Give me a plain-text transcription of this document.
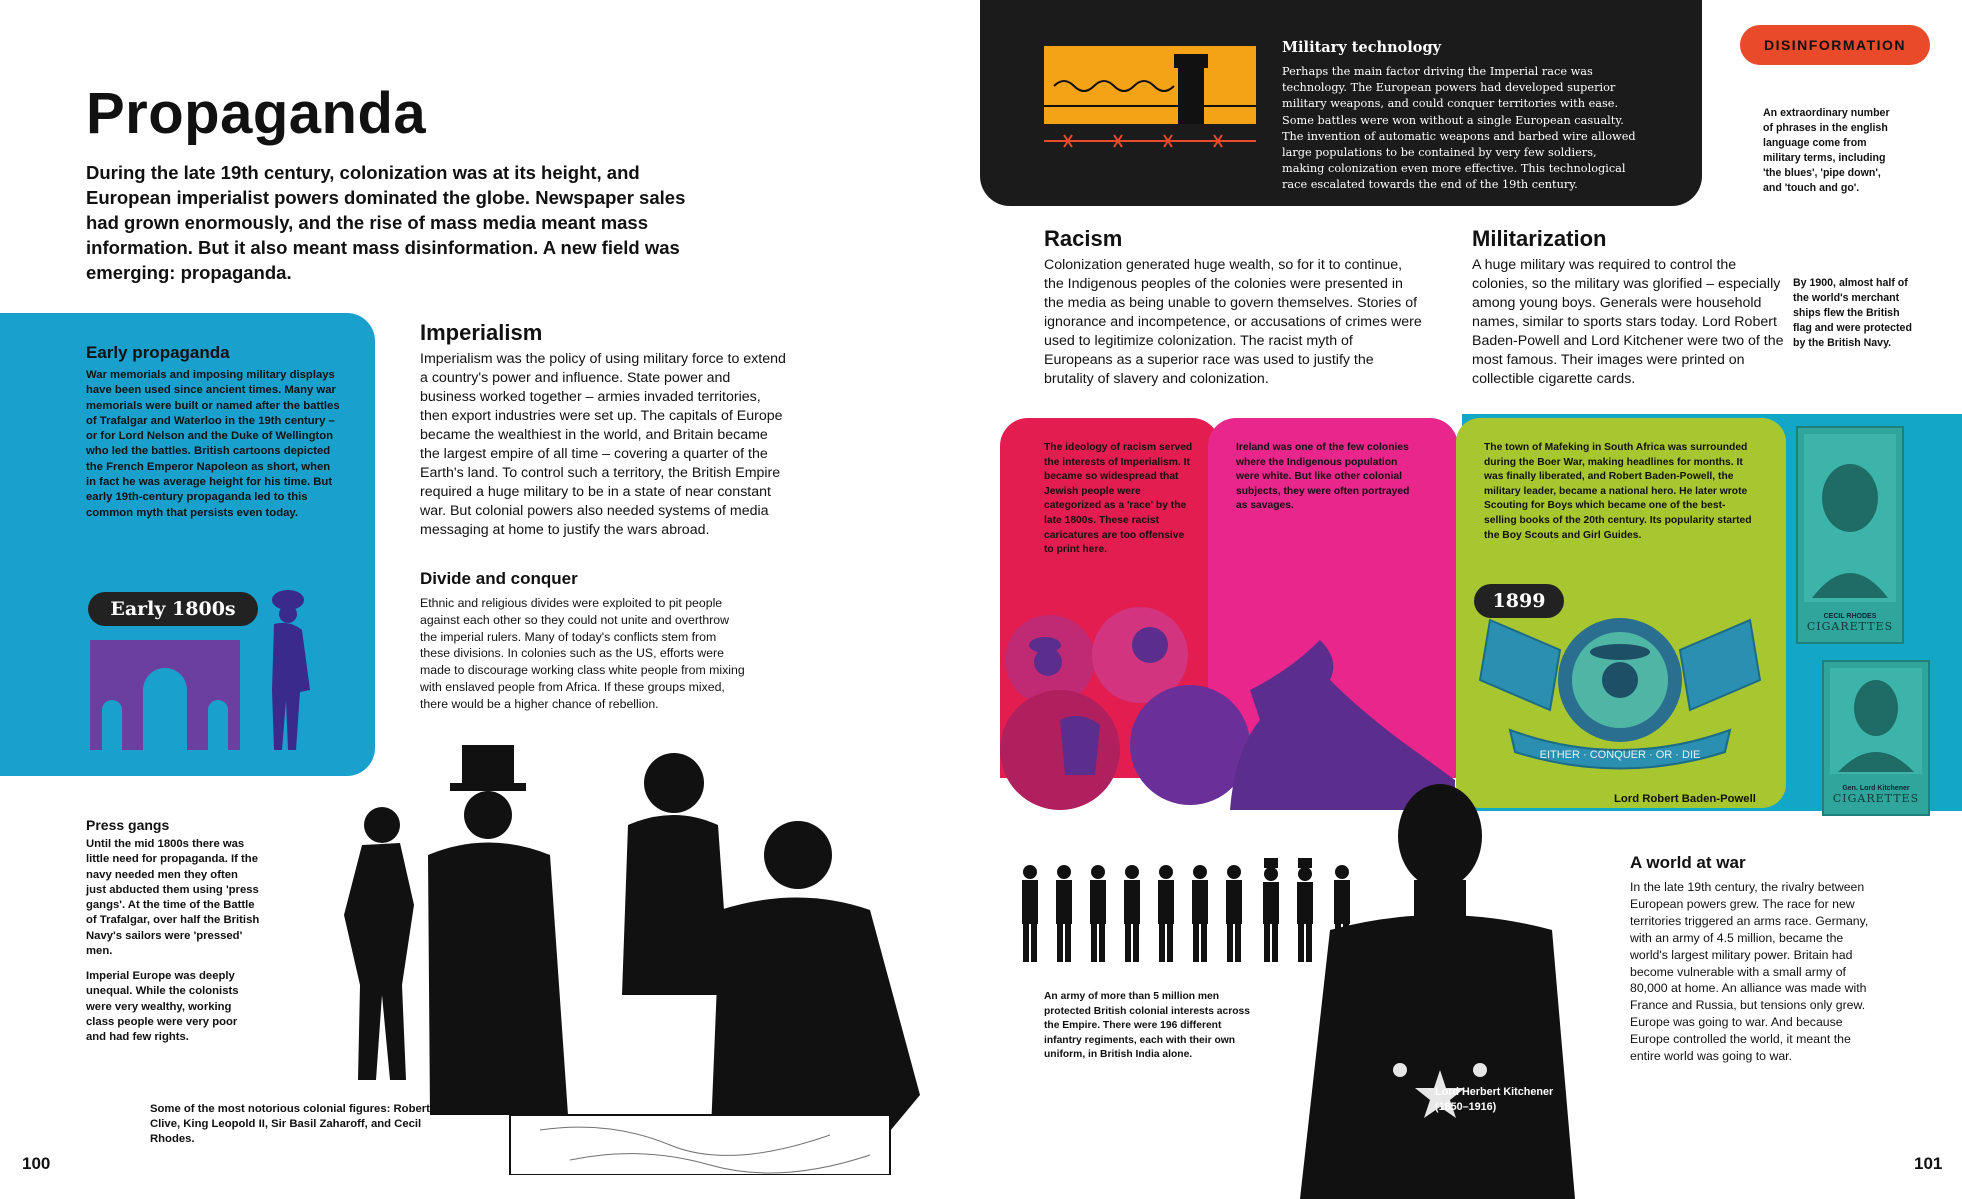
Propaganda
During the late 19th century, colonization was at its height, and European imperialist powers dominated the globe. Newspaper sales had grown enormously, and the rise of mass media meant mass information. But it also meant mass disinformation. A new field was emerging: propaganda.
Early propaganda
War memorials and imposing military displays have been used since ancient times. Many war memorials were built or named after the battles of Trafalgar and Waterloo in the 19th century – or for Lord Nelson and the Duke of Wellington who led the battles. British cartoons depicted the French Emperor Napoleon as short, when in fact he was average height for his time. But early 19th-century propaganda led to this common myth that persists even today.
Early 1800s
Imperialism
Imperialism was the policy of using military force to extend a country's power and influence. State power and business worked together – armies invaded territories, then export industries were set up. The capitals of Europe became the wealthiest in the world, and Britain became the largest empire of all time – covering a quarter of the Earth's land. To control such a territory, the British Empire required a huge military to be in a state of near constant war. But colonial powers also needed systems of media messaging at home to justify the wars abroad.
Divide and conquer
Ethnic and religious divides were exploited to pit people against each other so they could not unite and overthrow the imperial rulers. Many of today's conflicts stem from these divisions. In colonies such as the US, efforts were made to discourage working class white people from mixing with enslaved people from Africa. If these groups mixed, there would be a higher chance of rebellion.
Press gangs
Until the mid 1800s there was little need for propaganda. If the navy needed men they often just abducted them using 'press gangs'. At the time of the Battle of Trafalgar, over half the British Navy's sailors were 'pressed' men.
Imperial Europe was deeply unequal. While the colonists were very wealthy, working class people were very poor and had few rights.
Some of the most notorious colonial figures: Robert Clive, King Leopold II, Sir Basil Zaharoff, and Cecil Rhodes.
100
Military technology
Perhaps the main factor driving the Imperial race was technology. The European powers had developed superior military weapons, and could conquer territories with ease. Some battles were won without a single European casualty. The invention of automatic weapons and barbed wire allowed large populations to be contained by very few soldiers, making colonization even more effective. This technological race escalated towards the end of the 19th century.
DISINFORMATION
An extraordinary number of phrases in the english language come from military terms, including 'the blues', 'pipe down', and 'touch and go'.
Racism
Colonization generated huge wealth, so for it to continue, the Indigenous peoples of the colonies were presented in the media as being unable to govern themselves. Stories of ignorance and incompetence, or accusations of crimes were used to legitimize colonization. The racist myth of Europeans as a superior race was used to justify the brutality of slavery and colonization.
Militarization
A huge military was required to control the colonies, so the military was glorified – especially among young boys. Generals were household names, similar to sports stars today. Lord Robert Baden-Powell and Lord Kitchener were two of the most famous. Their images were printed on collectible cigarette cards.
By 1900, almost half of the world's merchant ships flew the British flag and were protected by the British Navy.
The ideology of racism served the interests of Imperialism. It became so widespread that Jewish people were categorized as a 'race' by the late 1800s. These racist caricatures are too offensive to print here.
Ireland was one of the few colonies where the Indigenous population were white. But like other colonial subjects, they were often portrayed as savages.
The town of Mafeking in South Africa was surrounded during the Boer War, making headlines for months. It was finally liberated, and Robert Baden-Powell, the military leader, became a national hero. He later wrote Scouting for Boys which became one of the best-selling books of the 20th century. Its popularity started the Boy Scouts and Girl Guides.
EITHER · CONQUER · OR · DIE
1899
Lord Robert Baden-Powell
CECIL RHODES
CIGARETTES
Gen. Lord Kitchener
CIGARETTES
An army of more than 5 million men protected British colonial interests across the Empire. There were 196 different infantry regiments, each with their own uniform, in British India alone.
Lord Herbert Kitchener (1850–1916)
A world at war
In the late 19th century, the rivalry between European powers grew. The race for new territories triggered an arms race. Germany, with an army of 4.5 million, became the world's largest military power. Britain had become vulnerable with a small army of 80,000 at home. An alliance was made with France and Russia, but tensions only grew. Europe was going to war. And because Europe controlled the world, it meant the entire world was going to war.
101
